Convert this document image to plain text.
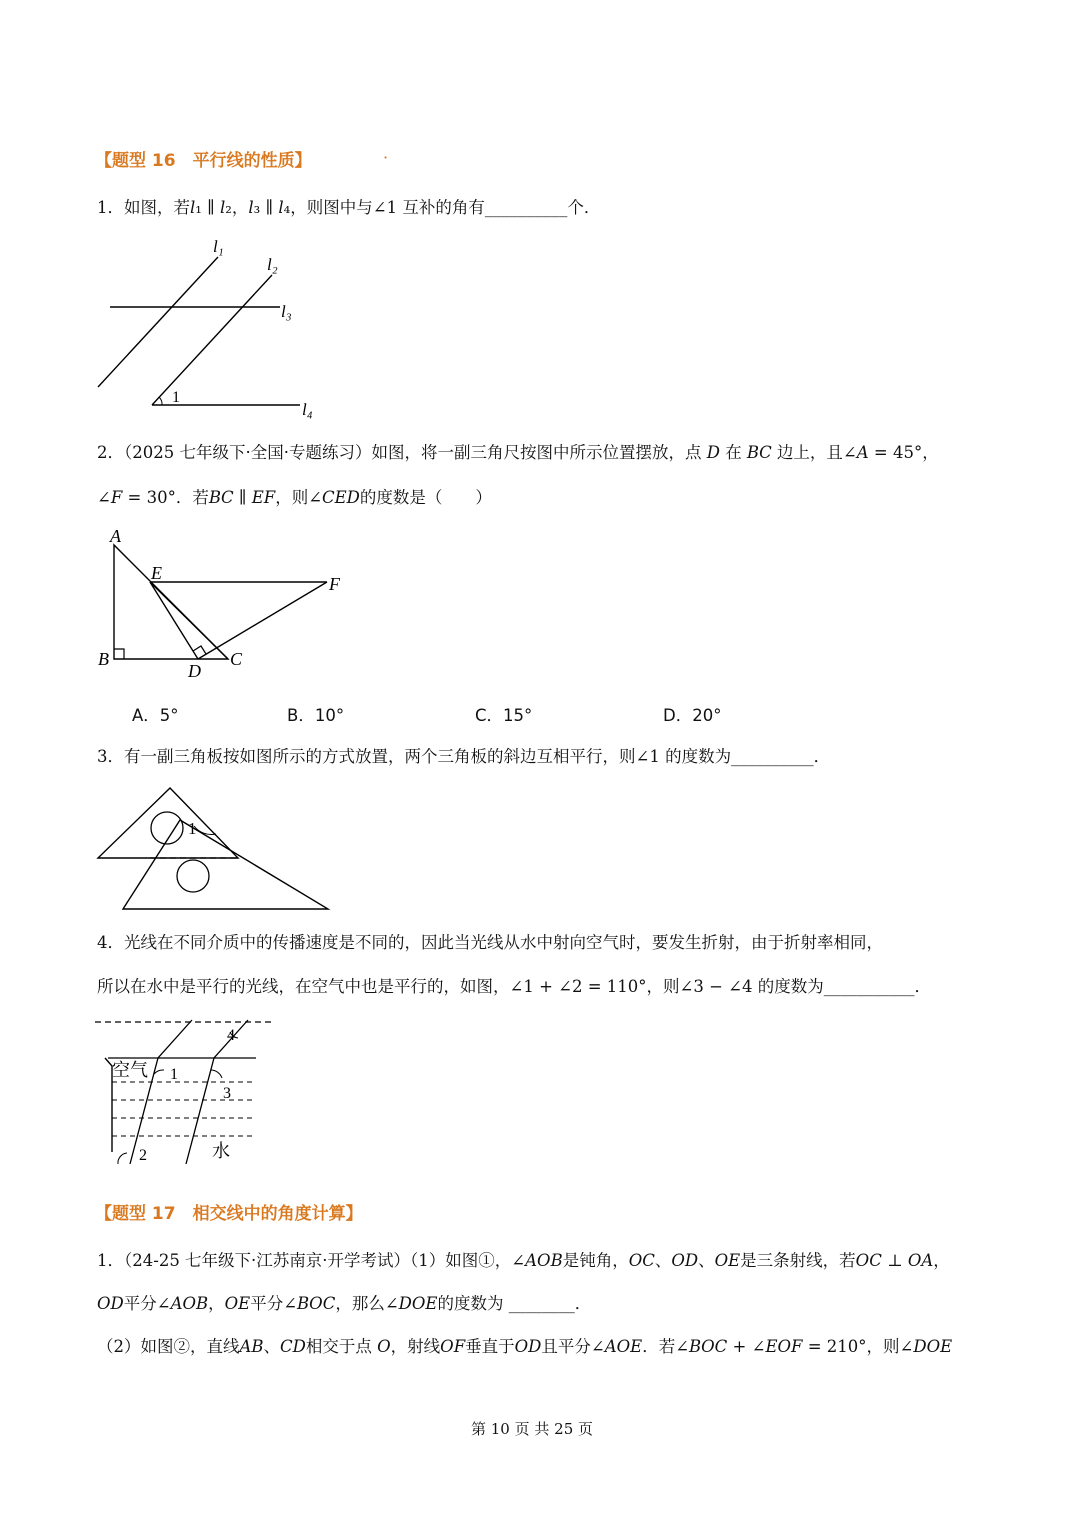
【题型 16　平行线的性质】	·
1．如图，若𝑙₁ ∥ 𝑙₂，𝑙₃ ∥ 𝑙₄，则图中与∠1 互补的角有__________个．
l₁
l₂
l₃
l₄
1
2．（2025 七年级下·全国·专题练习）如图，将一副三角尺按图中所示位置摆放，点 𝐷 在 𝐵𝐶 边上，且∠𝐴 = 45°，
∠𝐹 = 30°．若𝐵𝐶 ∥ 𝐸𝐹，则∠𝐶𝐸𝐷的度数是（　　）
A
B	C
D
E
F
A．5°	B．10°	C．15°	D．20°
3．有一副三角板按如图所示的方式放置，两个三角板的斜边互相平行，则∠1 的度数为__________．
1
4．光线在不同介质中的传播速度是不同的，因此当光线从水中射向空气时，要发生折射，由于折射率相同，
所以在水中是平行的光线，在空气中也是平行的，如图，∠1 + ∠2 = 110°，则∠3 − ∠4 的度数为___________．
空气
水
1
2
3
4
【题型 17　相交线中的角度计算】
1．（24-25 七年级下·江苏南京·开学考试）（1）如图①，∠𝐴𝑂𝐵是钝角，𝑂𝐶、𝑂𝐷、𝑂𝐸是三条射线，若𝑂𝐶 ⊥ 𝑂𝐴，
𝑂𝐷平分∠𝐴𝑂𝐵，𝑂𝐸平分∠𝐵𝑂𝐶，那么∠𝐷𝑂𝐸的度数为 ________．
（2）如图②，直线𝐴𝐵、𝐶𝐷相交于点 𝑂，射线𝑂𝐹垂直于𝑂𝐷且平分∠𝐴𝑂𝐸．若∠𝐵𝑂𝐶 + ∠𝐸𝑂𝐹 = 210°，则∠𝐷𝑂𝐸
第 10 页 共 25 页
